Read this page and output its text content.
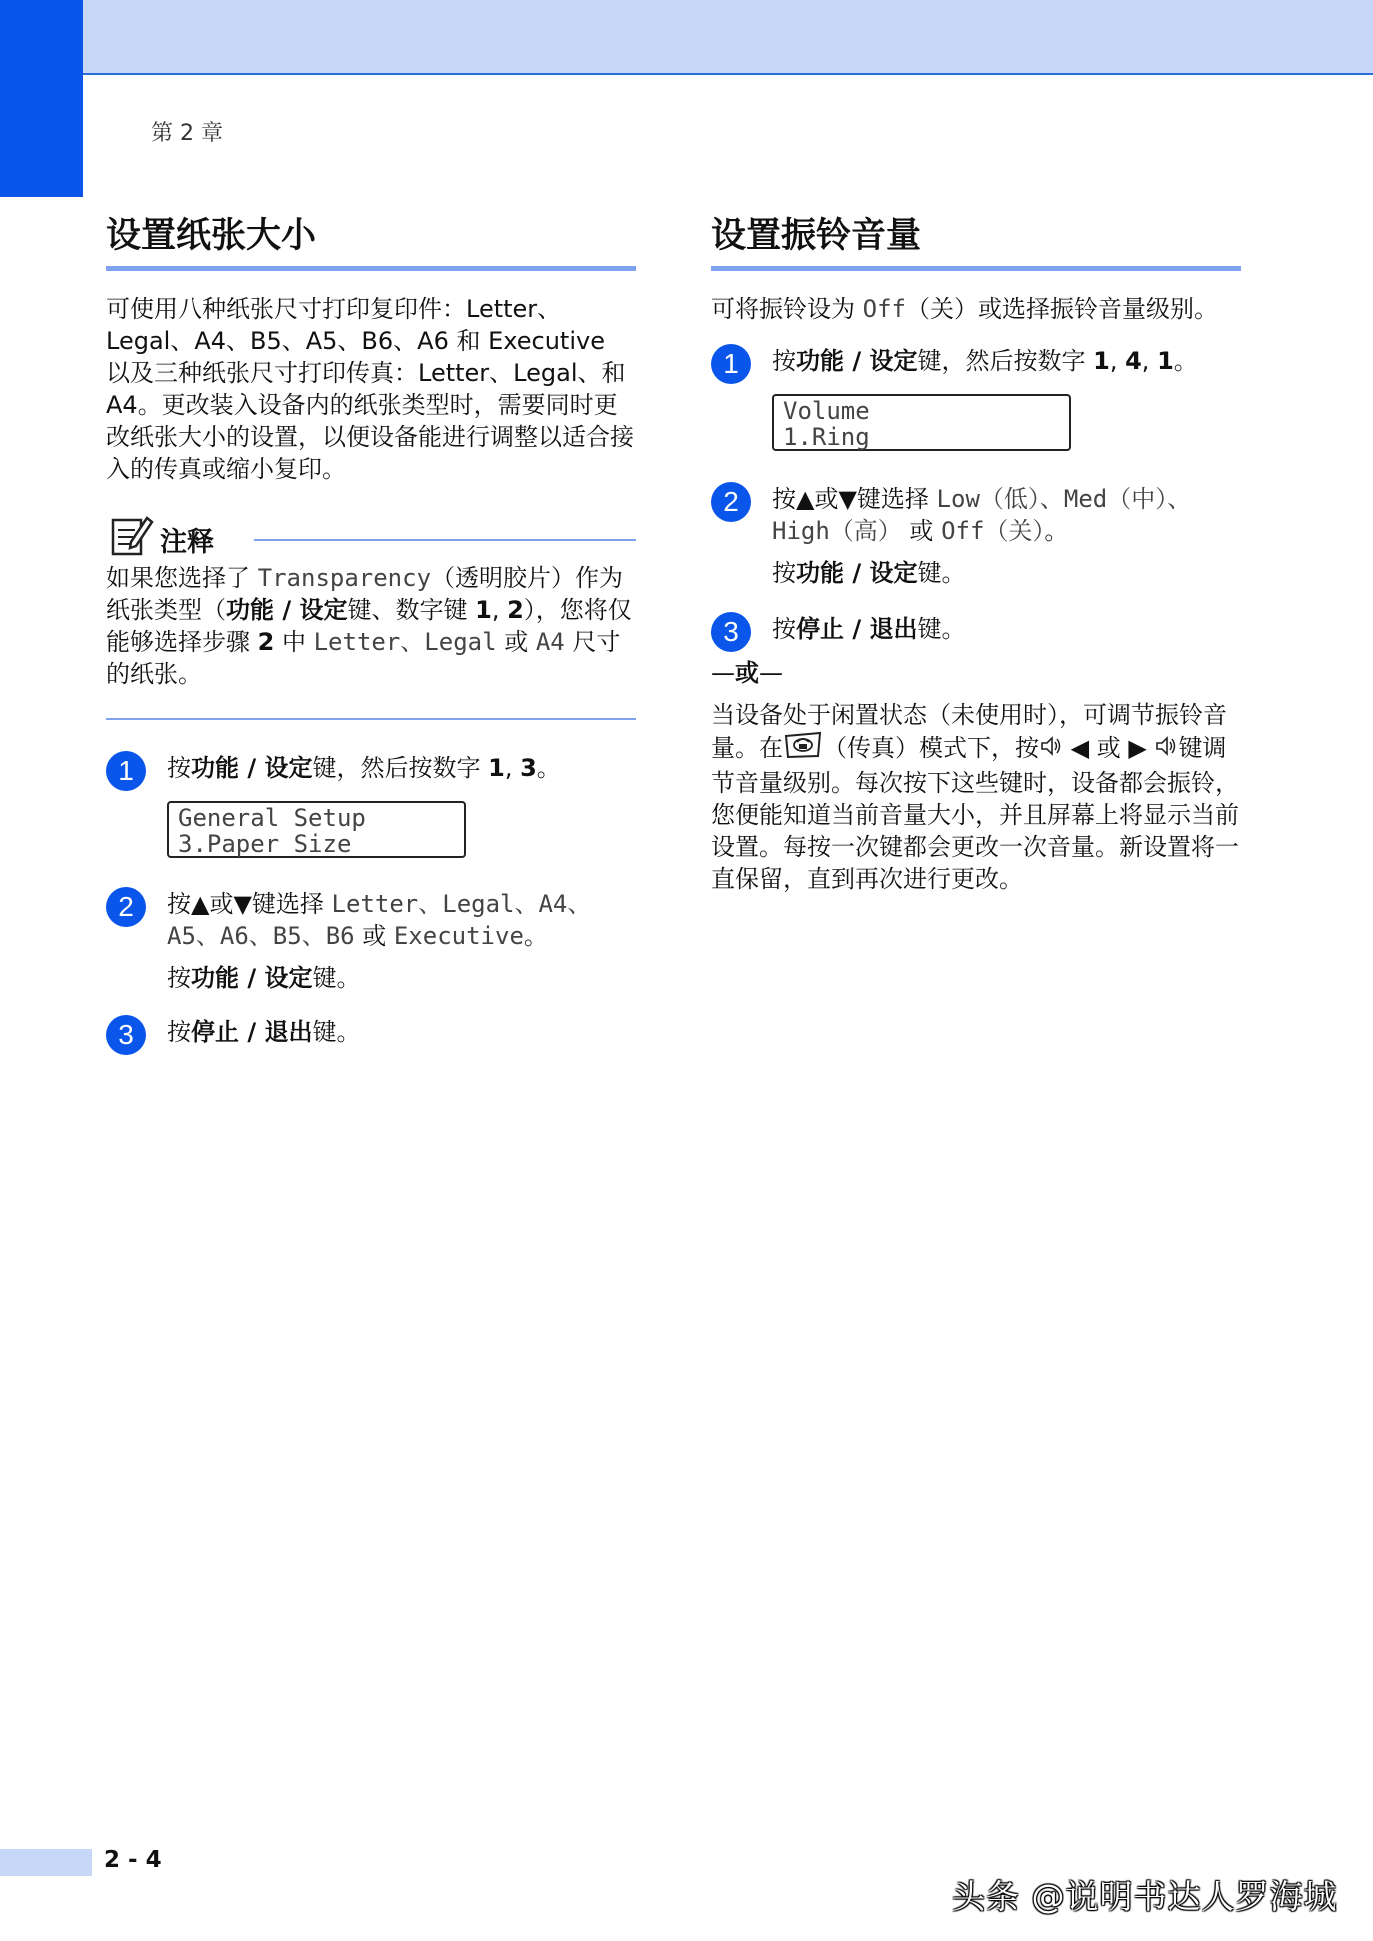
第 2 章
设置纸张大小

可使用八种纸张尺寸打印复印件：Letter、Legal、A4、B5、A5、B6、A6 和 Executive 以及三种纸张尺寸打印传真：Letter、Legal、和 A4。更改装入设备内的纸张类型时，需要同时更改纸张大小的设置，以便设备能进行调整以适合接入的传真或缩小复印。

注释
如果您选择了 Transparency（透明胶片）作为纸张类型（功能 / 设定键、数字键 1, 2），您将仅能够选择步骤 2 中 Letter、Legal 或 A4 尺寸的纸张。
1	按功能 / 设定键，然后按数字 1, 3。

General Setup
3.Paper Size
2	按▲或▼键选择 Letter、Legal、A4、A5、A6、B5、B6 或 Executive。

按功能 / 设定键。

3	按停止 / 退出键。

设置振铃音量

可将振铃设为 Off（关）或选择振铃音量级别。

1	按功能 / 设定键，然后按数字 1, 4, 1。

Volume
1.Ring
2	按▲或▼键选择 Low（低）、Med（中）、High（高） 或 Off（关）。

按功能 / 设定键。

3	按停止 / 退出键。

—或—
当设备处于闲置状态（未使用时），可调节振铃音量。在 （传真）模式下，按 ◀ 或 ▶ 键调节音量级别。每次按下这些键时，设备都会振铃，您便能知道当前音量大小，并且屏幕上将显示当前设置。每按一次键都会更改一次音量。新设置将一直保留，直到再次进行更改。
2 - 4
头条 @说明书达人罗海城
